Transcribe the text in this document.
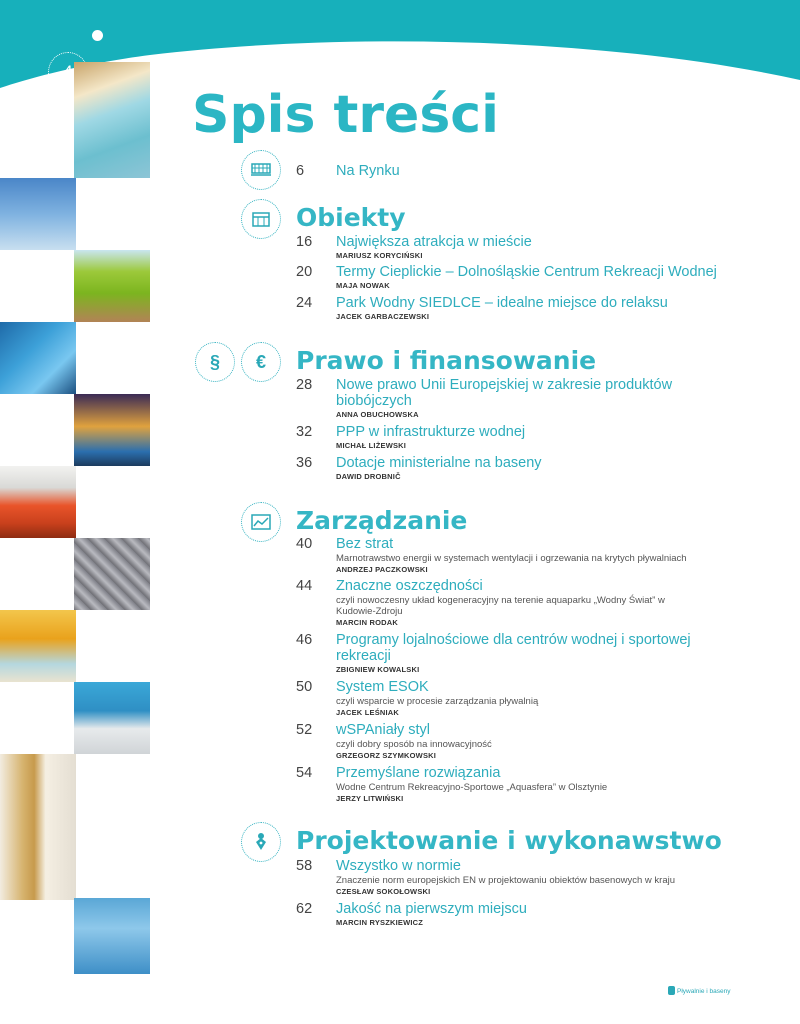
4
Spis treści
6 Na Rynku
Obiekty
16 Największa atrakcja w mieście
MARIUSZ KORYCIŃSKI
20 Termy Cieplickie – Dolnośląskie Centrum Rekreacji Wodnej
MAJA NOWAK
24 Park Wodny SIEDLCE – idealne miejsce do relaksu
JACEK GARBACZEWSKI
§ € Prawo i finansowanie
28 Nowe prawo Unii Europejskiej w zakresie produktów biobójczych
ANNA OBUCHOWSKA
32 PPP w infrastrukturze wodnej
MICHAŁ LIŻEWSKI
36 Dotacje ministerialne na baseny
DAWID DROBNIČ
Zarządzanie
40 Bez strat
Marnotrawstwo energii w systemach wentylacji i ogrzewania na krytych pływalniach
ANDRZEJ PACZKOWSKI
44 Znaczne oszczędności
czyli nowoczesny układ kogeneracyjny na terenie aquaparku „Wodny Świat” w Kudowie-Zdroju
MARCIN RODAK
46 Programy lojalnościowe dla centrów wodnej i sportowej rekreacji
ZBIGNIEW KOWALSKI
50 System ESOK
czyli wsparcie w procesie zarządzania pływalnią
JACEK LEŚNIAK
52 wSPAniały styl
czyli dobry sposób na innowacyjność
GRZEGORZ SZYMKOWSKI
54 Przemyślane rozwiązania
Wodne Centrum Rekreacyjno-Sportowe „Aquasfera” w Olsztynie
JERZY LITWIŃSKI
Projektowanie i wykonawstwo
58 Wszystko w normie
Znaczenie norm europejskich EN w projektowaniu obiektów basenowych w kraju
CZESŁAW SOKOŁOWSKI
62 Jakość na pierwszym miejscu
MARCIN RYSZKIEWICZ
Pływalnie i baseny
